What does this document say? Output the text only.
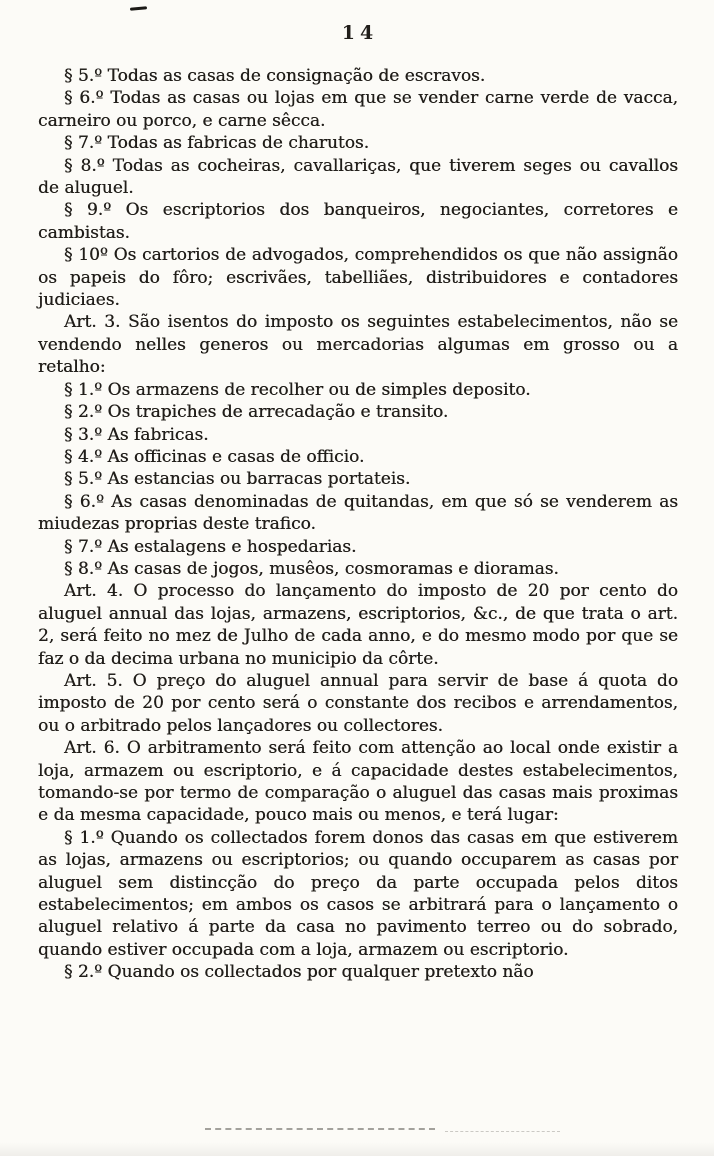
14

§ 5.º Todas as casas de consignação de escravos.

§ 6.º Todas as casas ou lojas em que se vender carne verde de vacca, carneiro ou porco, e carne sêcca.

§ 7.º Todas as fabricas de charutos.

§ 8.º Todas as cocheiras, cavallariças, que tiverem seges ou cavallos de aluguel.

§ 9.º Os escriptorios dos banqueiros, negociantes, corretores e cambistas.

§ 10º Os cartorios de advogados, comprehendidos os que não assignão os papeis do fôro; escrivães, tabelliães, distribuidores e contadores judiciaes.

Art. 3. São isentos do imposto os seguintes estabelecimentos, não se vendendo nelles generos ou mercadorias algumas em grosso ou a retalho:

§ 1.º Os armazens de recolher ou de simples deposito.

§ 2.º Os trapiches de arrecadação e transito.

§ 3.º As fabricas.

§ 4.º As officinas e casas de officio.

§ 5.º As estancias ou barracas portateis.

§ 6.º As casas denominadas de quitandas, em que só se venderem as miudezas proprias deste trafico.

§ 7.º As estalagens e hospedarias.

§ 8.º As casas de jogos, musêos, cosmoramas e dioramas.

Art. 4. O processo do lançamento do imposto de 20 por cento do aluguel annual das lojas, armazens, escriptorios, &c., de que trata o art. 2, será feito no mez de Julho de cada anno, e do mesmo modo por que se faz o da decima urbana no municipio da côrte.

Art. 5. O preço do aluguel annual para servir de base á quota do imposto de 20 por cento será o constante dos recibos e arrendamentos, ou o arbitrado pelos lançadores ou collectores.

Art. 6. O arbitramento será feito com attenção ao local onde existir a loja, armazem ou escriptorio, e á capacidade destes estabelecimentos, tomando-se por termo de comparação o aluguel das casas mais proximas e da mesma capacidade, pouco mais ou menos, e terá lugar:

§ 1.º Quando os collectados forem donos das casas em que estiverem as lojas, armazens ou escriptorios; ou quando occuparem as casas por aluguel sem distincção do preço da parte occupada pelos ditos estabelecimentos; em ambos os casos se arbitrará para o lançamento o aluguel relativo á parte da casa no pavimento terreo ou do sobrado, quando estiver occupada com a loja, armazem ou escriptorio.

§ 2.º Quando os collectados por qualquer pretexto não
